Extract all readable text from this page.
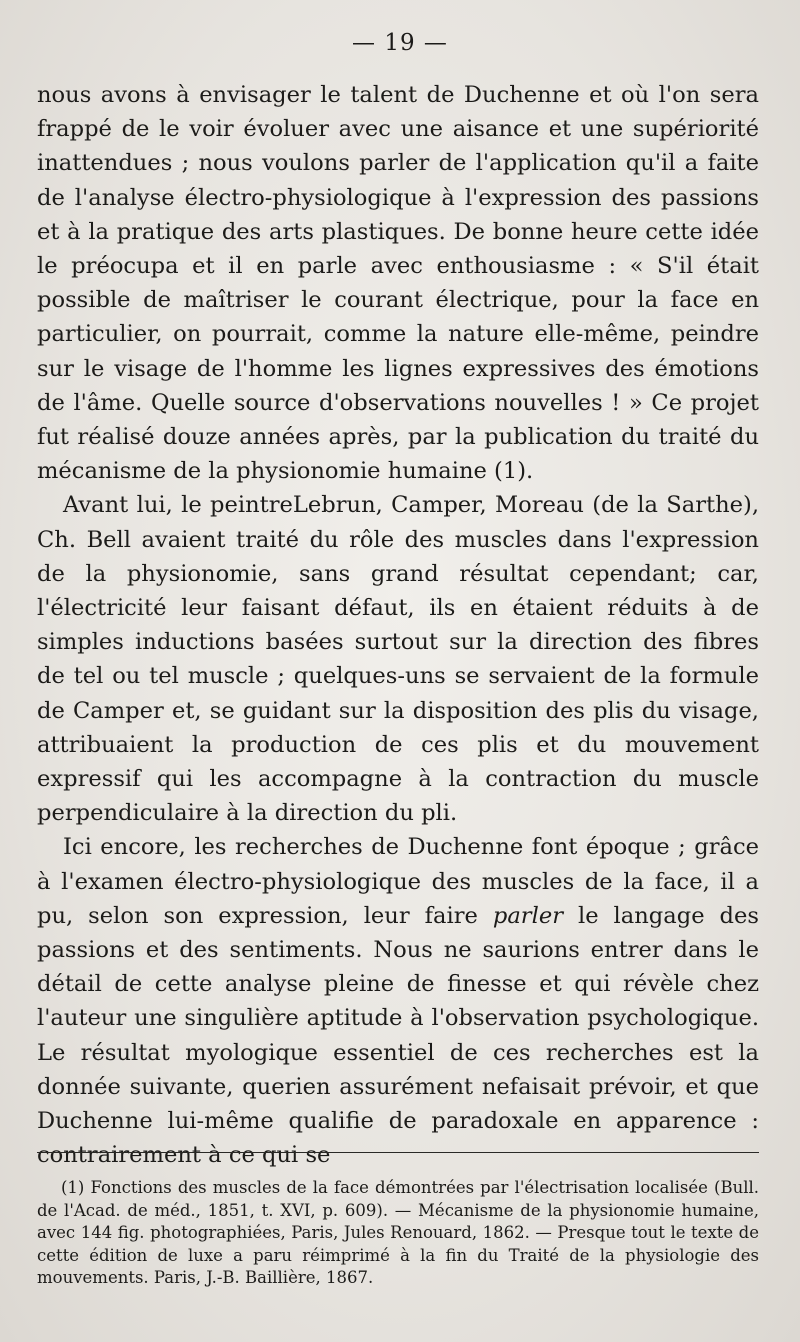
— 19 —

nous avons à envisager le talent de Duchenne et où l'on sera frappé de le voir évoluer avec une aisance et une supériorité inattendues ; nous voulons parler de l'application qu'il a faite de l'analyse électro-physiologique à l'expression des passions et à la pratique des arts plastiques. De bonne heure cette idée le préocupa et il en parle avec enthousiasme : « S'il était possible de maîtriser le courant électrique, pour la face en particulier, on pourrait, comme la nature elle-même, peindre sur le visage de l'homme les lignes expressives des émotions de l'âme. Quelle source d'observations nouvelles ! » Ce projet fut réalisé douze années après, par la publication du traité du mécanisme de la physionomie humaine (1).

Avant lui, le peintreLebrun, Camper, Moreau (de la Sarthe), Ch. Bell avaient traité du rôle des muscles dans l'expression de la physionomie, sans grand résultat cependant; car, l'électricité leur faisant défaut, ils en étaient réduits à de simples inductions basées surtout sur la direction des fibres de tel ou tel muscle ; quelques-uns se servaient de la formule de Camper et, se guidant sur la disposition des plis du visage, attribuaient la production de ces plis et du mouvement expressif qui les accompagne à la contraction du muscle perpendiculaire à la direction du pli.

Ici encore, les recherches de Duchenne font époque ; grâce à l'examen électro-physiologique des muscles de la face, il a pu, selon son expression, leur faire parler le langage des passions et des sentiments. Nous ne saurions entrer dans le détail de cette analyse pleine de finesse et qui révèle chez l'auteur une singulière aptitude à l'observation psychologique. Le résultat myologique essentiel de ces recherches est la donnée suivante, querien assurément nefaisait prévoir, et que Duchenne lui-même qualifie de paradoxale en apparence : contrairement à ce qui se

(1) Fonctions des muscles de la face démontrées par l'électrisation localisée (Bull. de l'Acad. de méd., 1851, t. XVI, p. 609). — Mécanisme de la physionomie humaine, avec 144 fig. photographiées, Paris, Jules Renouard, 1862. — Presque tout le texte de cette édition de luxe a paru réimprimé à la fin du Traité de la physiologie des mouvements. Paris, J.-B. Baillière, 1867.
